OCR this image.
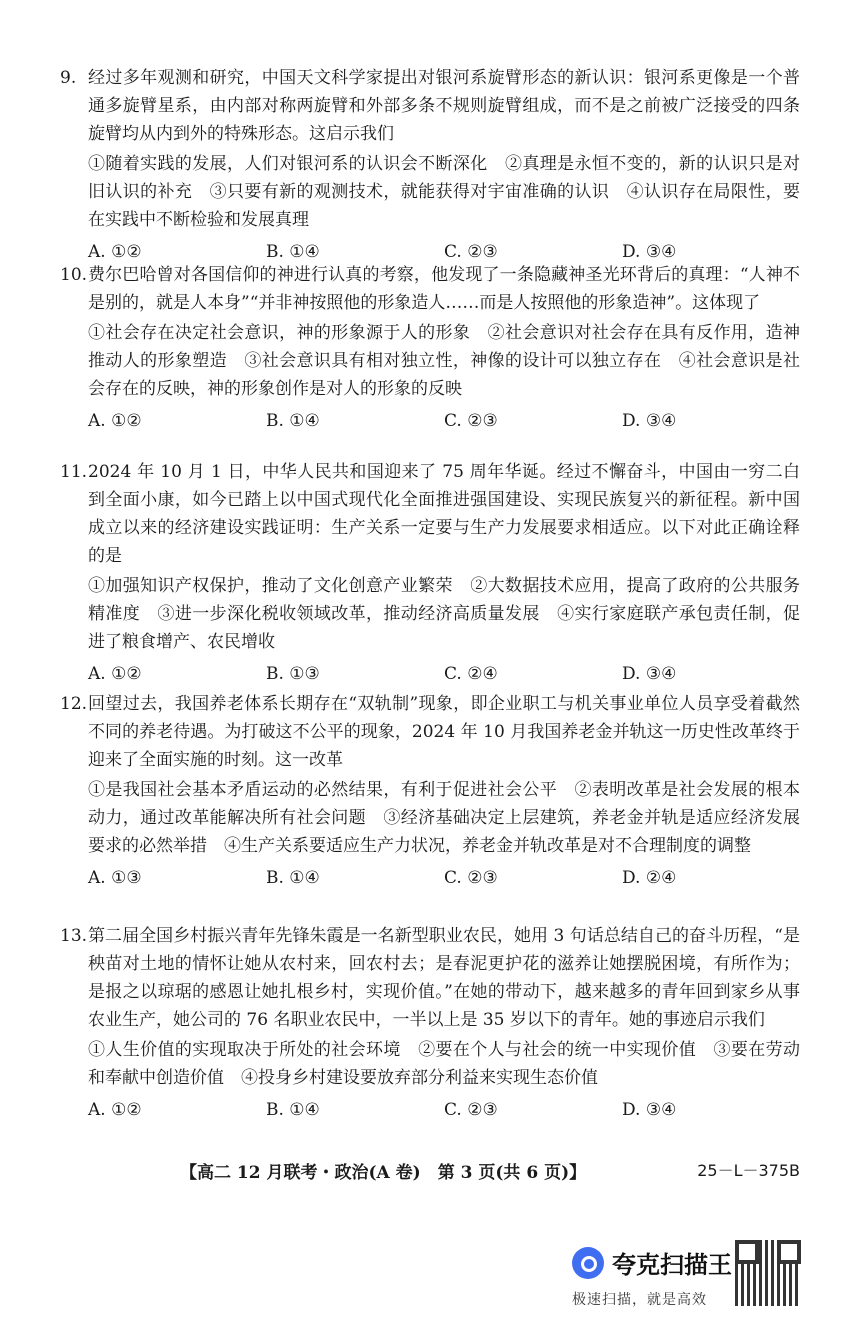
9. 经过多年观测和研究，中国天文科学家提出对银河系旋臂形态的新认识：银河系更像是一个普通多旋臂星系，由内部对称两旋臂和外部多条不规则旋臂组成，而不是之前被广泛接受的四条旋臂均从内到外的特殊形态。这启示我们

①随着实践的发展，人们对银河系的认识会不断深化　②真理是永恒不变的，新的认识只是对旧认识的补充　③只要有新的观测技术，就能获得对宇宙准确的认识　④认识存在局限性，要在实践中不断检验和发展真理

A. ①②	B. ①④	C. ②③	D. ③④
10. 费尔巴哈曾对各国信仰的神进行认真的考察，他发现了一条隐藏神圣光环背后的真理：“人神不是别的，就是人本身”“并非神按照他的形象造人……而是人按照他的形象造神”。这体现了

①社会存在决定社会意识，神的形象源于人的形象　②社会意识对社会存在具有反作用，造神推动人的形象塑造　③社会意识具有相对独立性，神像的设计可以独立存在　④社会意识是社会存在的反映，神的形象创作是对人的形象的反映

A. ①②	B. ①④	C. ②③	D. ③④
11. 2024 年 10 月 1 日，中华人民共和国迎来了 75 周年华诞。经过不懈奋斗，中国由一穷二白到全面小康，如今已踏上以中国式现代化全面推进强国建设、实现民族复兴的新征程。新中国成立以来的经济建设实践证明：生产关系一定要与生产力发展要求相适应。以下对此正确诠释的是

①加强知识产权保护，推动了文化创意产业繁荣　②大数据技术应用，提高了政府的公共服务精准度　③进一步深化税收领域改革，推动经济高质量发展　④实行家庭联产承包责任制，促进了粮食增产、农民增收

A. ①②	B. ①③	C. ②④	D. ③④
12. 回望过去，我国养老体系长期存在“双轨制”现象，即企业职工与机关事业单位人员享受着截然不同的养老待遇。为打破这不公平的现象，2024 年 10 月我国养老金并轨这一历史性改革终于迎来了全面实施的时刻。这一改革

①是我国社会基本矛盾运动的必然结果，有利于促进社会公平　②表明改革是社会发展的根本动力，通过改革能解决所有社会问题　③经济基础决定上层建筑，养老金并轨是适应经济发展要求的必然举措　④生产关系要适应生产力状况，养老金并轨改革是对不合理制度的调整

A. ①③	B. ①④	C. ②③	D. ②④
13. 第二届全国乡村振兴青年先锋朱霞是一名新型职业农民，她用 3 句话总结自己的奋斗历程，“是秧苗对土地的情怀让她从农村来，回农村去；是春泥更护花的滋养让她摆脱困境，有所作为；是报之以琼琚的感恩让她扎根乡村，实现价值。”在她的带动下，越来越多的青年回到家乡从事农业生产，她公司的 76 名职业农民中，一半以上是 35 岁以下的青年。她的事迹启示我们

①人生价值的实现取决于所处的社会环境　②要在个人与社会的统一中实现价值　③要在劳动和奉献中创造价值　④投身乡村建设要放弃部分利益来实现生态价值

A. ①②	B. ①④	C. ②③	D. ③④
【高二 12 月联考・政治(A 卷)　第 3 页(共 6 页)】	25－L－375B
夸克扫描王
极速扫描，就是高效
